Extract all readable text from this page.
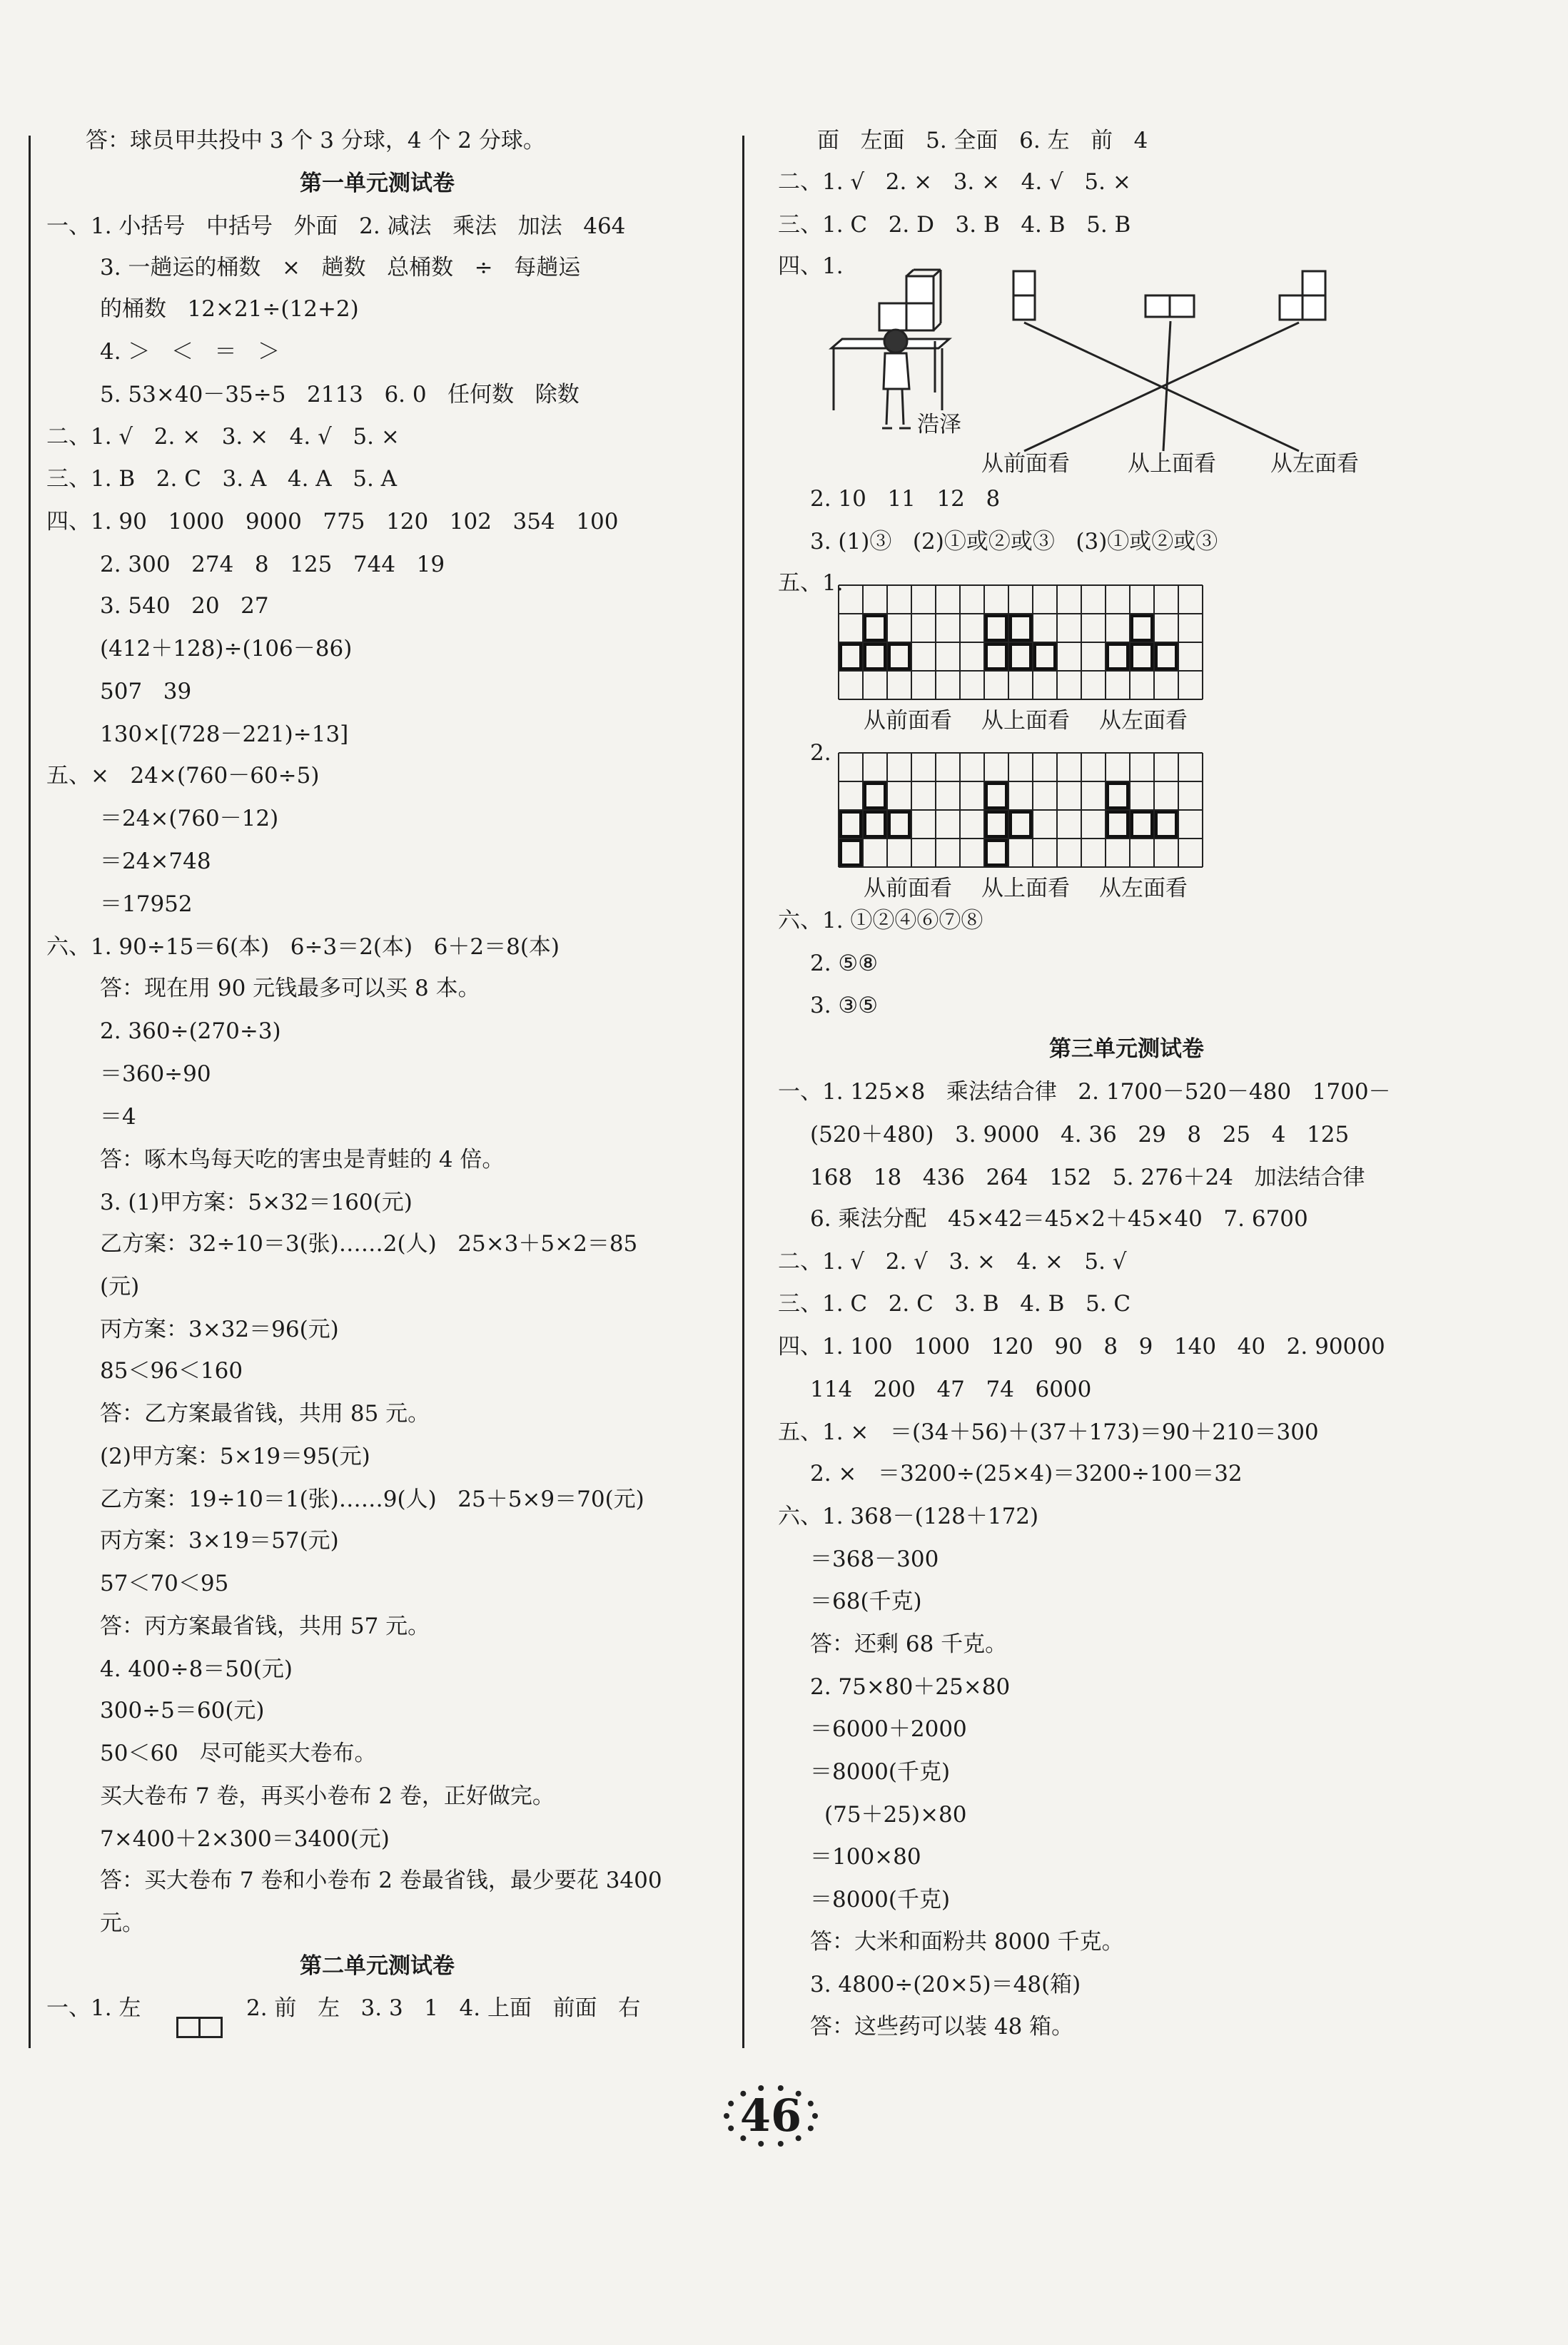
答：球员甲共投中 3 个 3 分球，4 个 2 分球。
第一单元测试卷
一、1. 小括号   中括号   外面   2. 减法   乘法   加法   464
3. 一趟运的桶数   ×   趟数   总桶数   ÷   每趟运
的桶数   12×21÷(12+2)
4. ＞   ＜   ＝   ＞
5. 53×40－35÷5   2113   6. 0   任何数   除数
二、1. √   2. ×   3. ×   4. √   5. ×
三、1. B   2. C   3. A   4. A   5. A
四、1. 90   1000   9000   775   120   102   354   100
2. 300   274   8   125   744   19
3. 540   20   27
(412＋128)÷(106－86)
507   39
130×[(728－221)÷13]
五、×   24×(760－60÷5)
＝24×(760－12)
＝24×748
＝17952
六、1. 90÷15＝6(本)   6÷3＝2(本)   6＋2＝8(本)
答：现在用 90 元钱最多可以买 8 本。
2. 360÷(270÷3)
＝360÷90
＝4
答：啄木鸟每天吃的害虫是青蛙的 4 倍。
3. (1)甲方案：5×32＝160(元)
乙方案：32÷10＝3(张)……2(人)   25×3＋5×2＝85
(元)
丙方案：3×32＝96(元)
85＜96＜160
答：乙方案最省钱，共用 85 元。
(2)甲方案：5×19＝95(元)
乙方案：19÷10＝1(张)……9(人)   25＋5×9＝70(元)
丙方案：3×19＝57(元)
57＜70＜95
答：丙方案最省钱，共用 57 元。
4. 400÷8＝50(元)
300÷5＝60(元)
50＜60   尽可能买大卷布。
买大卷布 7 卷，再买小卷布 2 卷，正好做完。
7×400＋2×300＝3400(元)
答：买大卷布 7 卷和小卷布 2 卷最省钱，最少要花 3400
元。
第二单元测试卷
一、1. 左	2. 前   左   3. 3   1   4. 上面   前面   右
面   左面   5. 全面   6. 左   前   4
二、1. √   2. ×   3. ×   4. √   5. ×
三、1. C   2. D   3. B   4. B   5. B
四、1.
2. 10   11   12   8
3. (1)③   (2)①或②或③   (3)①或②或③
五、1.
2.
六、1. ①②④⑥⑦⑧
2. ⑤⑧
3. ③⑤
第三单元测试卷
一、1. 125×8   乘法结合律   2. 1700－520－480   1700－
(520＋480)   3. 9000   4. 36   29   8   25   4   125
168   18   436   264   152   5. 276＋24   加法结合律
6. 乘法分配   45×42＝45×2＋45×40   7. 6700
二、1. √   2. √   3. ×   4. ×   5. √
三、1. C   2. C   3. B   4. B   5. C
四、1. 100   1000   120   90   8   9   140   40   2. 90000
114   200   47   74   6000
五、1. ×   ＝(34＋56)＋(37＋173)＝90＋210＝300
2. ×   ＝3200÷(25×4)＝3200÷100＝32
六、1. 368－(128＋172)
＝368－300
＝68(千克)
答：还剩 68 千克。
2. 75×80＋25×80
＝6000＋2000
＝8000(千克)
(75＋25)×80
＝100×80
＝8000(千克)
答：大米和面粉共 8000 千克。
3. 4800÷(20×5)＝48(箱)
答：这些药可以装 48 箱。
浩泽
从前面看	从上面看 从左面看
从前面看 从上面看 从左面看
从前面看 从上面看 从左面看
46
